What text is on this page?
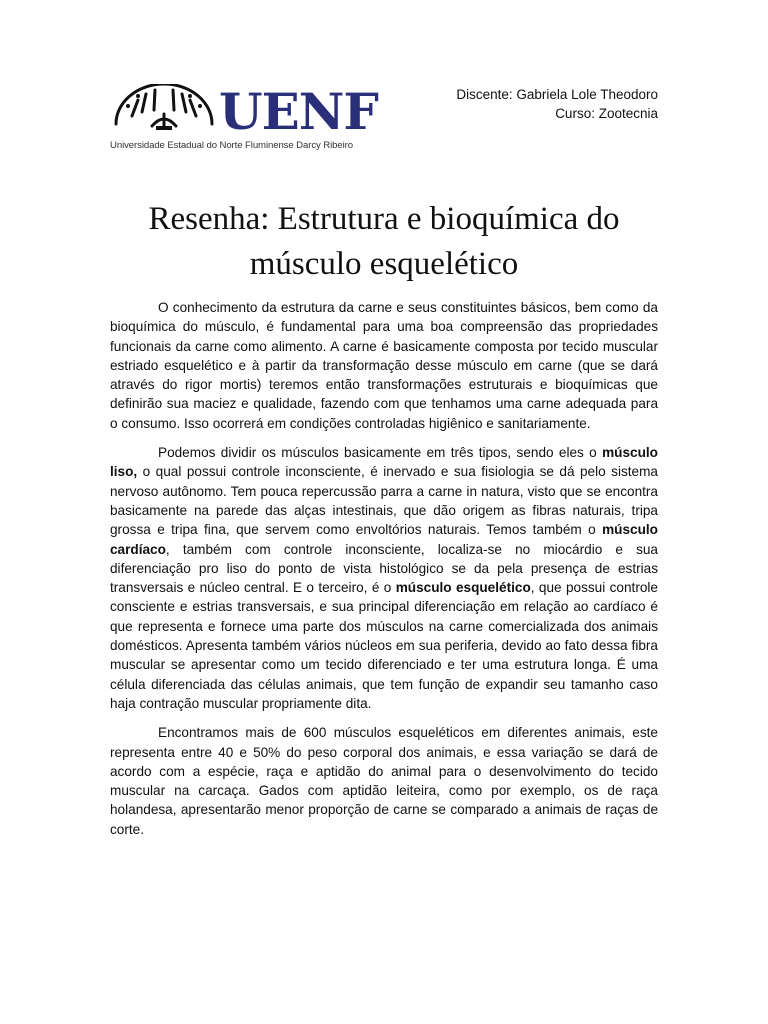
UENF
Universidade Estadual do Norte Fluminense Darcy Ribeiro
Discente: Gabriela Lole Theodoro
Curso: Zootecnia
Resenha: Estrutura e bioquímica do
músculo esquelético

O conhecimento da estrutura da carne e seus constituintes básicos, bem como da bioquímica do músculo, é fundamental para uma boa compreensão das propriedades funcionais da carne como alimento. A carne é basicamente composta por tecido muscular estriado esquelético e à partir da transformação desse músculo em carne (que se dará através do rigor mortis) teremos então transformações estruturais e bioquímicas que definirão sua maciez e qualidade, fazendo com que tenhamos uma carne adequada para o consumo. Isso ocorrerá em condições controladas higiênico e sanitariamente.

Podemos dividir os músculos basicamente em três tipos, sendo eles o músculo liso, o qual possui controle inconsciente, é inervado e sua fisiologia se dá pelo sistema nervoso autônomo. Tem pouca repercussão parra a carne in natura, visto que se encontra basicamente na parede das alças intestinais, que dão origem as fibras naturais, tripa grossa e tripa fina, que servem como envoltórios naturais. Temos também o músculo cardíaco, também com controle inconsciente, localiza-se no miocárdio e sua diferenciação pro liso do ponto de vista histológico se da pela presença de estrias transversais e núcleo central. E o terceiro, é o músculo esquelético, que possui controle consciente e estrias transversais, e sua principal diferenciação em relação ao cardíaco é que representa e fornece uma parte dos músculos na carne comercializada dos animais domésticos. Apresenta também vários núcleos em sua periferia, devido ao fato dessa fibra muscular se apresentar como um tecido diferenciado e ter uma estrutura longa. É uma célula diferenciada das células animais, que tem função de expandir seu tamanho caso haja contração muscular propriamente dita.

Encontramos mais de 600 músculos esqueléticos em diferentes animais, este representa entre 40 e 50% do peso corporal dos animais, e essa variação se dará de acordo com a espécie, raça e aptidão do animal para o desenvolvimento do tecido muscular na carcaça. Gados com aptidão leiteira, como por exemplo, os de raça holandesa, apresentarão menor proporção de carne se comparado a animais de raças de corte.
